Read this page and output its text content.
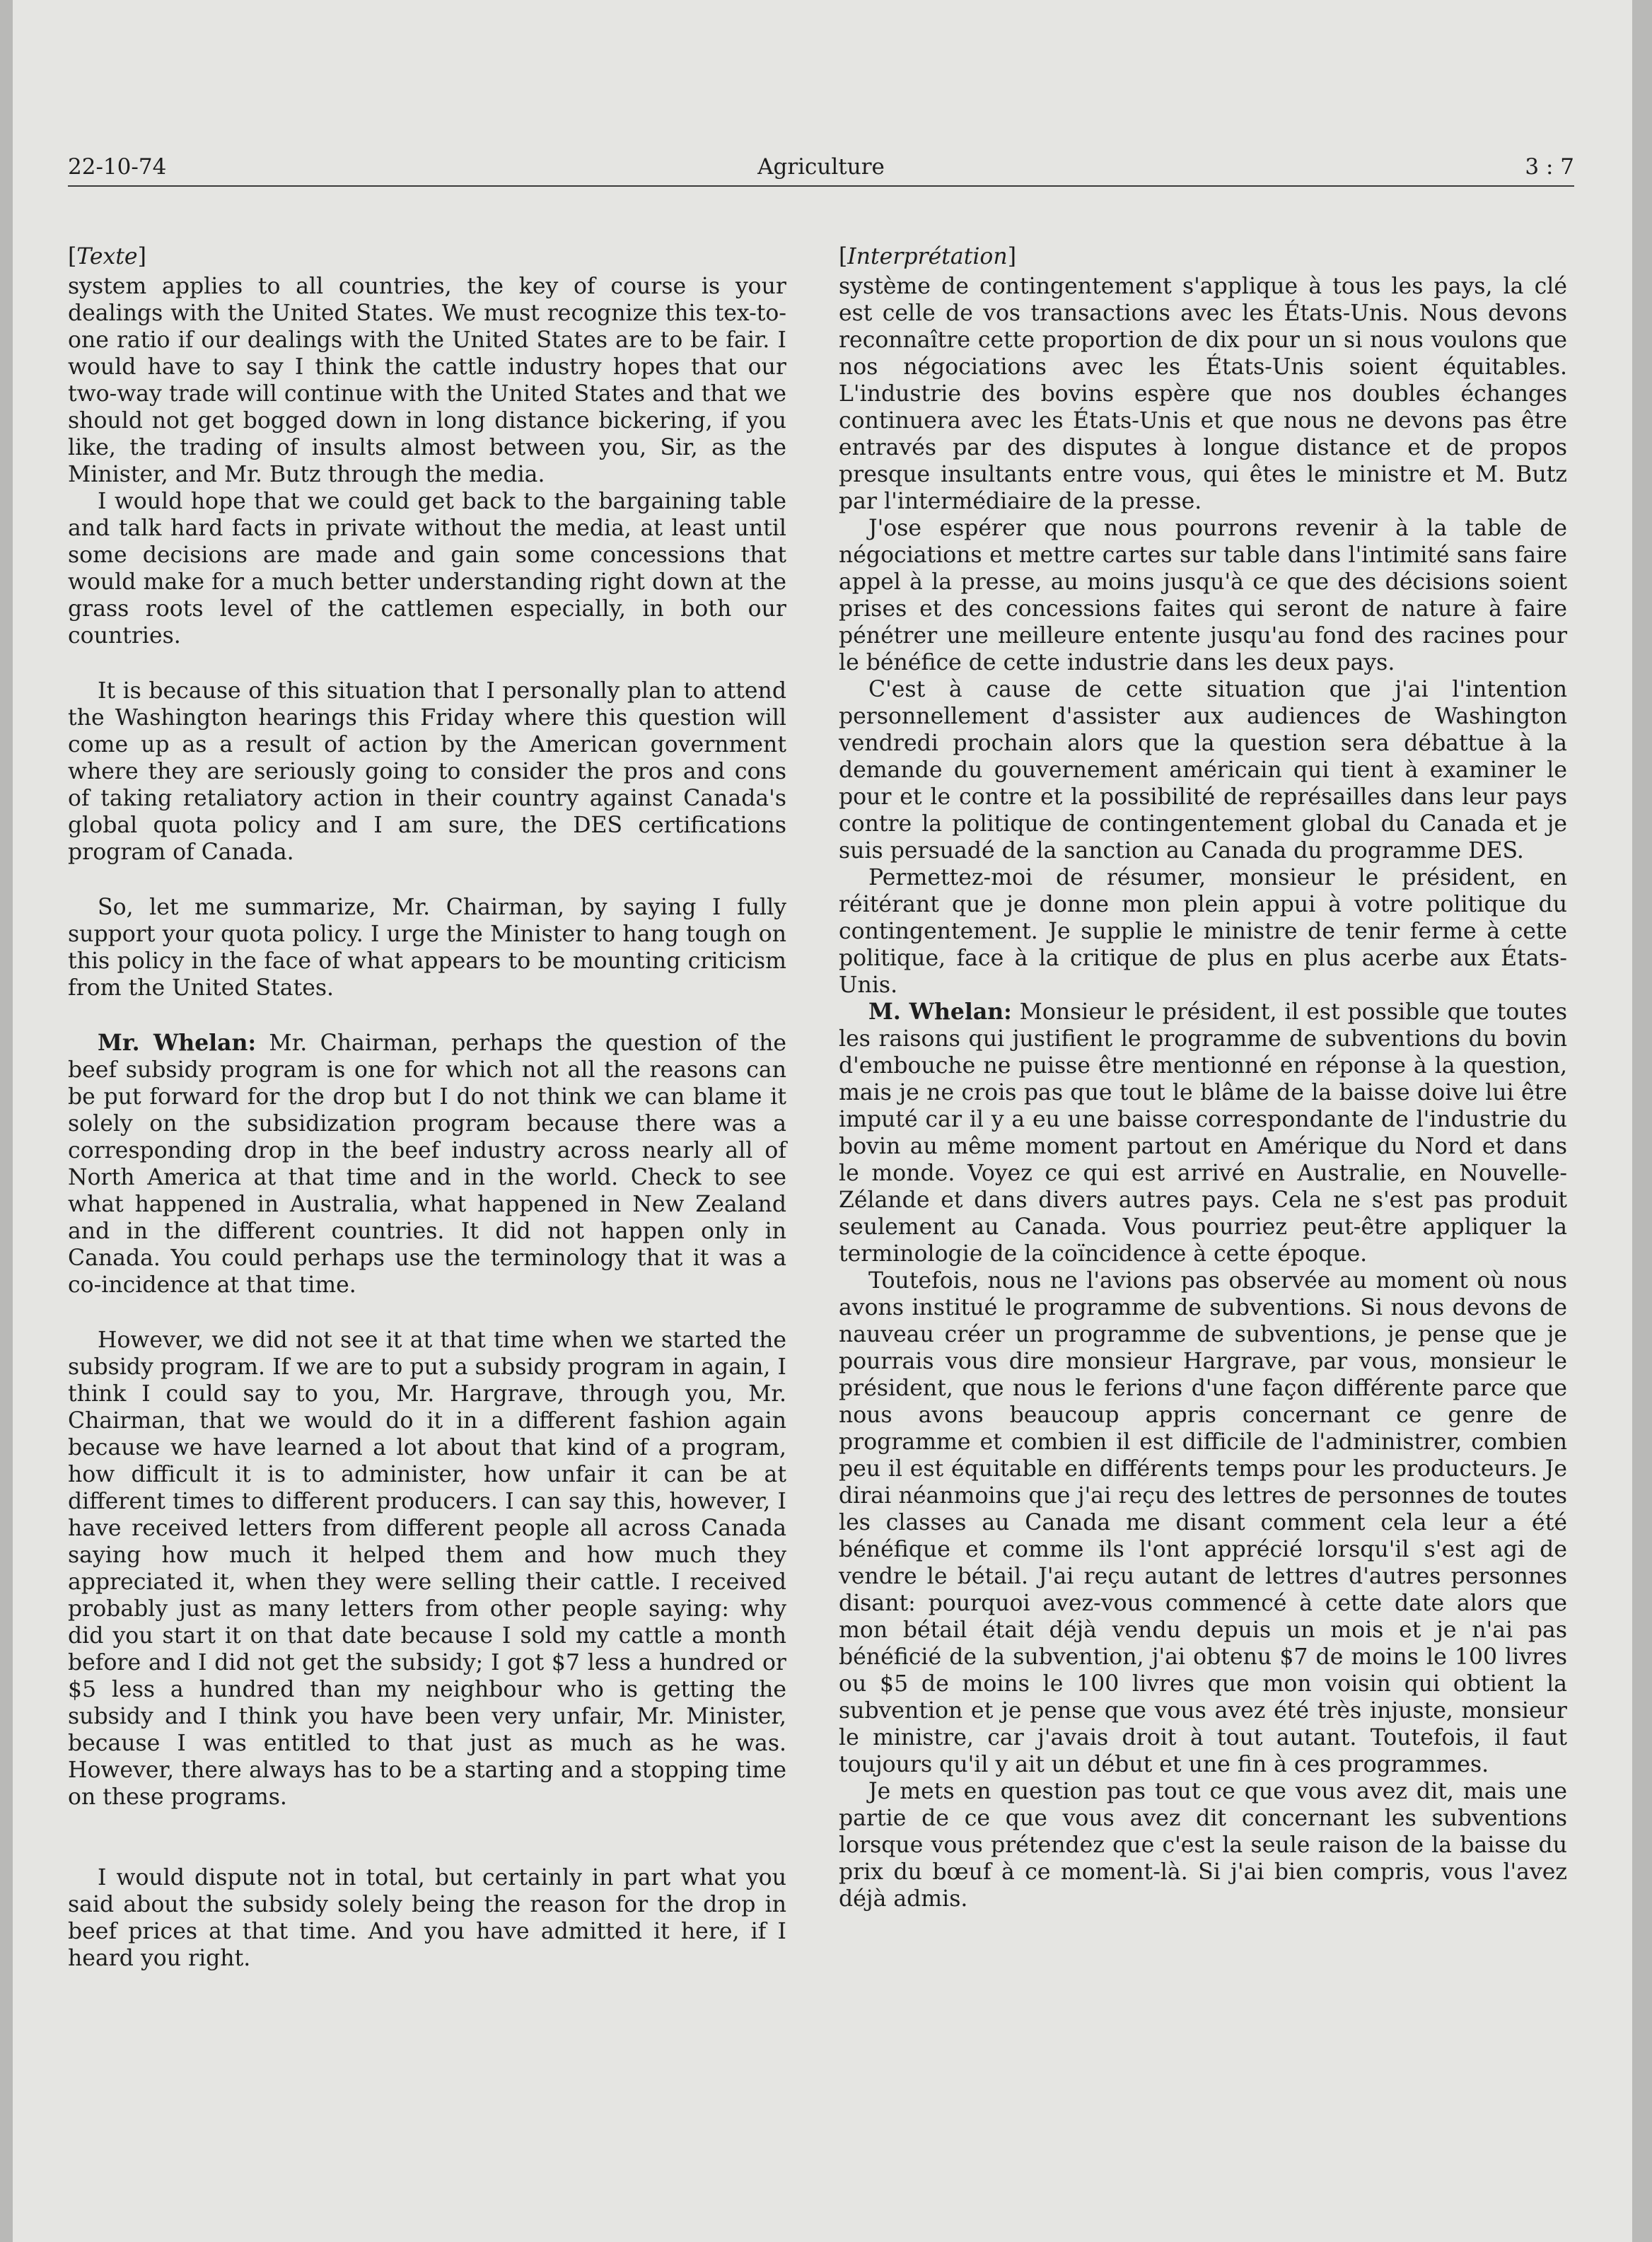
22-10-74	Agriculture	3 : 7
[Texte]

system applies to all countries, the key of course is your dealings with the United States. We must recognize this tex-to-one ratio if our dealings with the United States are to be fair. I would have to say I think the cattle industry hopes that our two-way trade will continue with the United States and that we should not get bogged down in long distance bickering, if you like, the trading of insults almost between you, Sir, as the Minister, and Mr. Butz through the media.

I would hope that we could get back to the bargaining table and talk hard facts in private without the media, at least until some decisions are made and gain some concessions that would make for a much better understanding right down at the grass roots level of the cattlemen especially, in both our countries.

It is because of this situation that I personally plan to attend the Washington hearings this Friday where this question will come up as a result of action by the American government where they are seriously going to consider the pros and cons of taking retaliatory action in their country against Canada's global quota policy and I am sure, the DES certifications program of Canada.

So, let me summarize, Mr. Chairman, by saying I fully support your quota policy. I urge the Minister to hang tough on this policy in the face of what appears to be mounting criticism from the United States.

Mr. Whelan: Mr. Chairman, perhaps the question of the beef subsidy program is one for which not all the reasons can be put forward for the drop but I do not think we can blame it solely on the subsidization program because there was a corresponding drop in the beef industry across nearly all of North America at that time and in the world. Check to see what happened in Australia, what happened in New Zealand and in the different countries. It did not happen only in Canada. You could perhaps use the terminology that it was a co-incidence at that time.

However, we did not see it at that time when we started the subsidy program. If we are to put a subsidy program in again, I think I could say to you, Mr. Hargrave, through you, Mr. Chairman, that we would do it in a different fashion again because we have learned a lot about that kind of a program, how difficult it is to administer, how unfair it can be at different times to different producers. I can say this, however, I have received letters from different people all across Canada saying how much it helped them and how much they appreciated it, when they were selling their cattle. I received probably just as many letters from other people saying: why did you start it on that date because I sold my cattle a month before and I did not get the subsidy; I got $7 less a hundred or $5 less a hundred than my neighbour who is getting the subsidy and I think you have been very unfair, Mr. Minister, because I was entitled to that just as much as he was. However, there always has to be a starting and a stopping time on these programs.

I would dispute not in total, but certainly in part what you said about the subsidy solely being the reason for the drop in beef prices at that time. And you have admitted it here, if I heard you right.

[Interprétation]

système de contingentement s'applique à tous les pays, la clé est celle de vos transactions avec les États-Unis. Nous devons reconnaître cette proportion de dix pour un si nous voulons que nos négociations avec les États-Unis soient équitables. L'industrie des bovins espère que nos doubles échanges continuera avec les États-Unis et que nous ne devons pas être entravés par des disputes à longue distance et de propos presque insultants entre vous, qui êtes le ministre et M. Butz par l'intermédiaire de la presse.

J'ose espérer que nous pourrons revenir à la table de négociations et mettre cartes sur table dans l'intimité sans faire appel à la presse, au moins jusqu'à ce que des décisions soient prises et des concessions faites qui seront de nature à faire pénétrer une meilleure entente jusqu'au fond des racines pour le bénéfice de cette industrie dans les deux pays.

C'est à cause de cette situation que j'ai l'intention personnellement d'assister aux audiences de Washington vendredi prochain alors que la question sera débattue à la demande du gouvernement américain qui tient à examiner le pour et le contre et la possibilité de représailles dans leur pays contre la politique de contingentement global du Canada et je suis persuadé de la sanction au Canada du programme DES.

Permettez-moi de résumer, monsieur le président, en réitérant que je donne mon plein appui à votre politique du contingentement. Je supplie le ministre de tenir ferme à cette politique, face à la critique de plus en plus acerbe aux États-Unis.

M. Whelan: Monsieur le président, il est possible que toutes les raisons qui justifient le programme de subventions du bovin d'embouche ne puisse être mentionné en réponse à la question, mais je ne crois pas que tout le blâme de la baisse doive lui être imputé car il y a eu une baisse correspondante de l'industrie du bovin au même moment partout en Amérique du Nord et dans le monde. Voyez ce qui est arrivé en Australie, en Nouvelle-Zélande et dans divers autres pays. Cela ne s'est pas produit seulement au Canada. Vous pourriez peut-être appliquer la terminologie de la coïncidence à cette époque.

Toutefois, nous ne l'avions pas observée au moment où nous avons institué le programme de subventions. Si nous devons de nauveau créer un programme de subventions, je pense que je pourrais vous dire monsieur Hargrave, par vous, monsieur le président, que nous le ferions d'une façon différente parce que nous avons beaucoup appris concernant ce genre de programme et combien il est difficile de l'administrer, combien peu il est équitable en différents temps pour les producteurs. Je dirai néanmoins que j'ai reçu des lettres de personnes de toutes les classes au Canada me disant comment cela leur a été bénéfique et comme ils l'ont apprécié lorsqu'il s'est agi de vendre le bétail. J'ai reçu autant de lettres d'autres personnes disant: pourquoi avez-vous commencé à cette date alors que mon bétail était déjà vendu depuis un mois et je n'ai pas bénéficié de la subvention, j'ai obtenu $7 de moins le 100 livres ou $5 de moins le 100 livres que mon voisin qui obtient la subvention et je pense que vous avez été très injuste, monsieur le ministre, car j'avais droit à tout autant. Toutefois, il faut toujours qu'il y ait un début et une fin à ces programmes.

Je mets en question pas tout ce que vous avez dit, mais une partie de ce que vous avez dit concernant les subventions lorsque vous prétendez que c'est la seule raison de la baisse du prix du bœuf à ce moment-là. Si j'ai bien compris, vous l'avez déjà admis.
